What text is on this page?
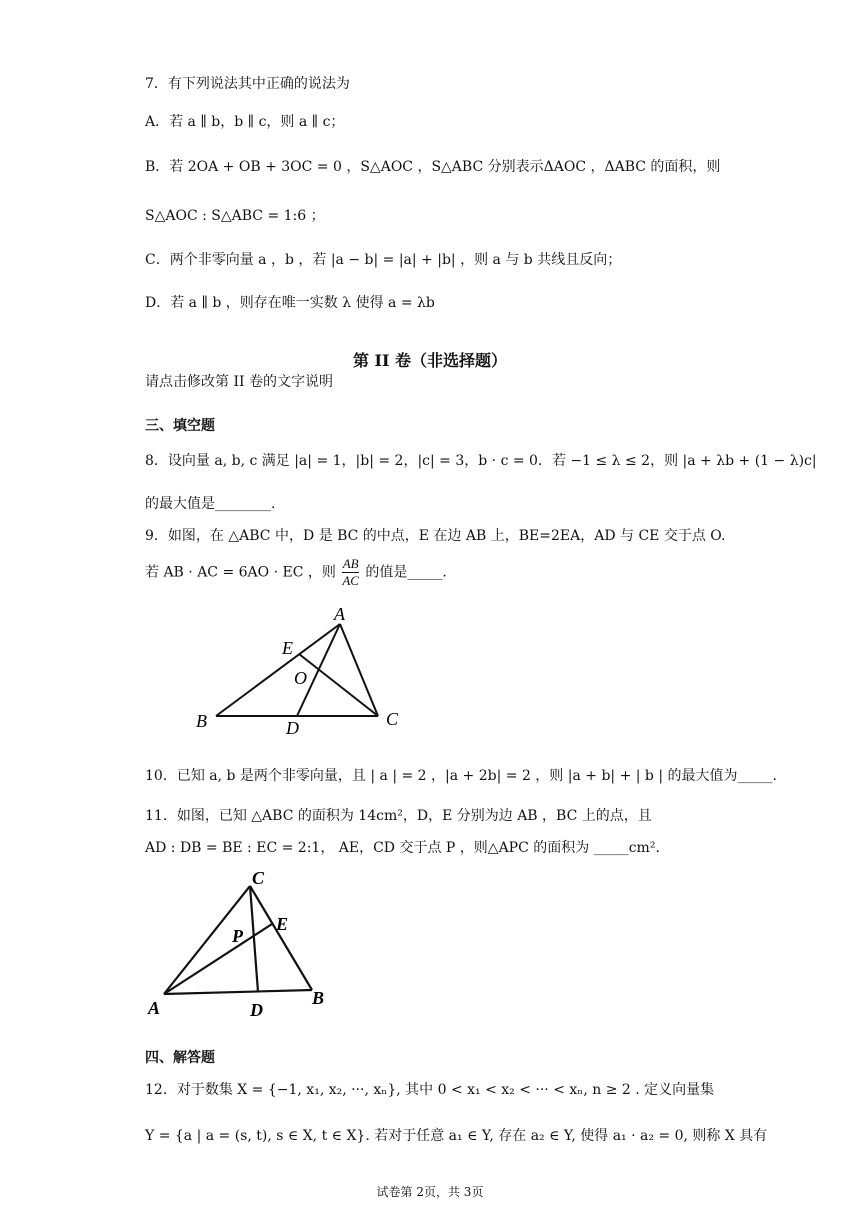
7．有下列说法其中正确的说法为
A．若 a ∥ b，b ∥ c，则 a ∥ c；
B．若 2OA + OB + 3OC = 0 ，S△AOC ，S△ABC 分别表示ΔAOC ，ΔABC 的面积，则
S△AOC : S△ABC = 1:6 ；
C．两个非零向量 a ，b ，若 |a − b| = |a| + |b| ，则 a 与 b 共线且反向；
D．若 a ∥ b ，则存在唯一实数 λ 使得 a = λb
第 II 卷（非选择题）
请点击修改第 II 卷的文字说明
三、填空题
8．设向量 a, b, c 满足 |a| = 1，|b| = 2，|c| = 3，b · c = 0．若 −1 ≤ λ ≤ 2，则 |a + λb + (1 − λ)c|
的最大值是________.
9．如图，在 △ABC 中，D 是 BC 的中点，E 在边 AB 上，BE=2EA，AD 与 CE 交于点 O.
若 AB · AC = 6AO · EC ，则 $\frac{AB}{AC}$ 的值是_____.
A
E
O
B	D	C
10．已知 a, b 是两个非零向量，且 | a | = 2 ，|a + 2b| = 2 ，则 |a + b| + | b | 的最大值为_____.
11．如图，已知 △ABC 的面积为 14cm²，D，E 分别为边 AB ，BC 上的点，且
AD : DB = BE : EC = 2:1， AE，CD 交于点 P ，则△APC 的面积为 _____cm².
C
E
P
A	D
B
四、解答题
12．对于数集 X = {−1, x₁, x₂, ···, xₙ}, 其中 0 < x₁ < x₂ < ··· < xₙ, n ≥ 2 . 定义向量集
Y = {a | a = (s, t), s ∈ X, t ∈ X}. 若对于任意 a₁ ∈ Y, 存在 a₂ ∈ Y, 使得 a₁ · a₂ = 0, 则称 X 具有
试卷第 2页，共 3页
